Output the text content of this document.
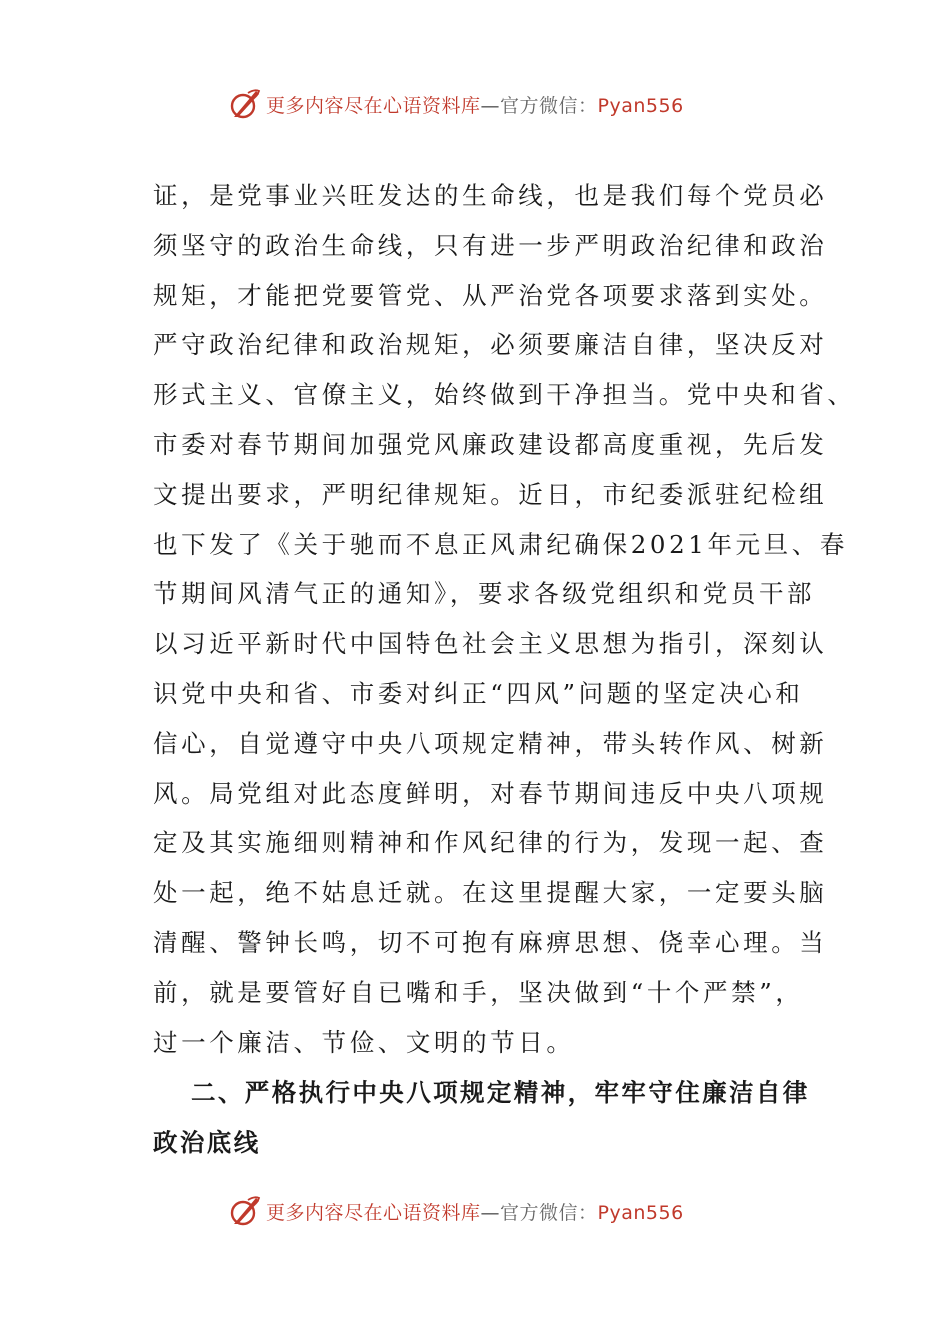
更多内容尽在心语资料库—官方微信：Pyan556
证，是党事业兴旺发达的生命线，也是我们每个党员必
须坚守的政治生命线，只有进一步严明政治纪律和政治
规矩，才能把党要管党、从严治党各项要求落到实处。
严守政治纪律和政治规矩，必须要廉洁自律，坚决反对
形式主义、官僚主义，始终做到干净担当。党中央和省、
市委对春节期间加强党风廉政建设都高度重视，先后发
文提出要求，严明纪律规矩。近日，市纪委派驻纪检组
也下发了《关于驰而不息正风肃纪确保2021年元旦、春
节期间风清气正的通知》，要求各级党组织和党员干部
以习近平新时代中国特色社会主义思想为指引，深刻认
识党中央和省、市委对纠正“四风”问题的坚定决心和
信心，自觉遵守中央八项规定精神，带头转作风、树新
风。局党组对此态度鲜明，对春节期间违反中央八项规
定及其实施细则精神和作风纪律的行为，发现一起、查
处一起，绝不姑息迁就。在这里提醒大家，一定要头脑
清醒、警钟长鸣，切不可抱有麻痹思想、侥幸心理。当
前，就是要管好自已嘴和手，坚决做到“十个严禁”，
过一个廉洁、节俭、文明的节日。
二、严格执行中央八项规定精神，牢牢守住廉洁自律
政治底线
更多内容尽在心语资料库—官方微信：Pyan556
